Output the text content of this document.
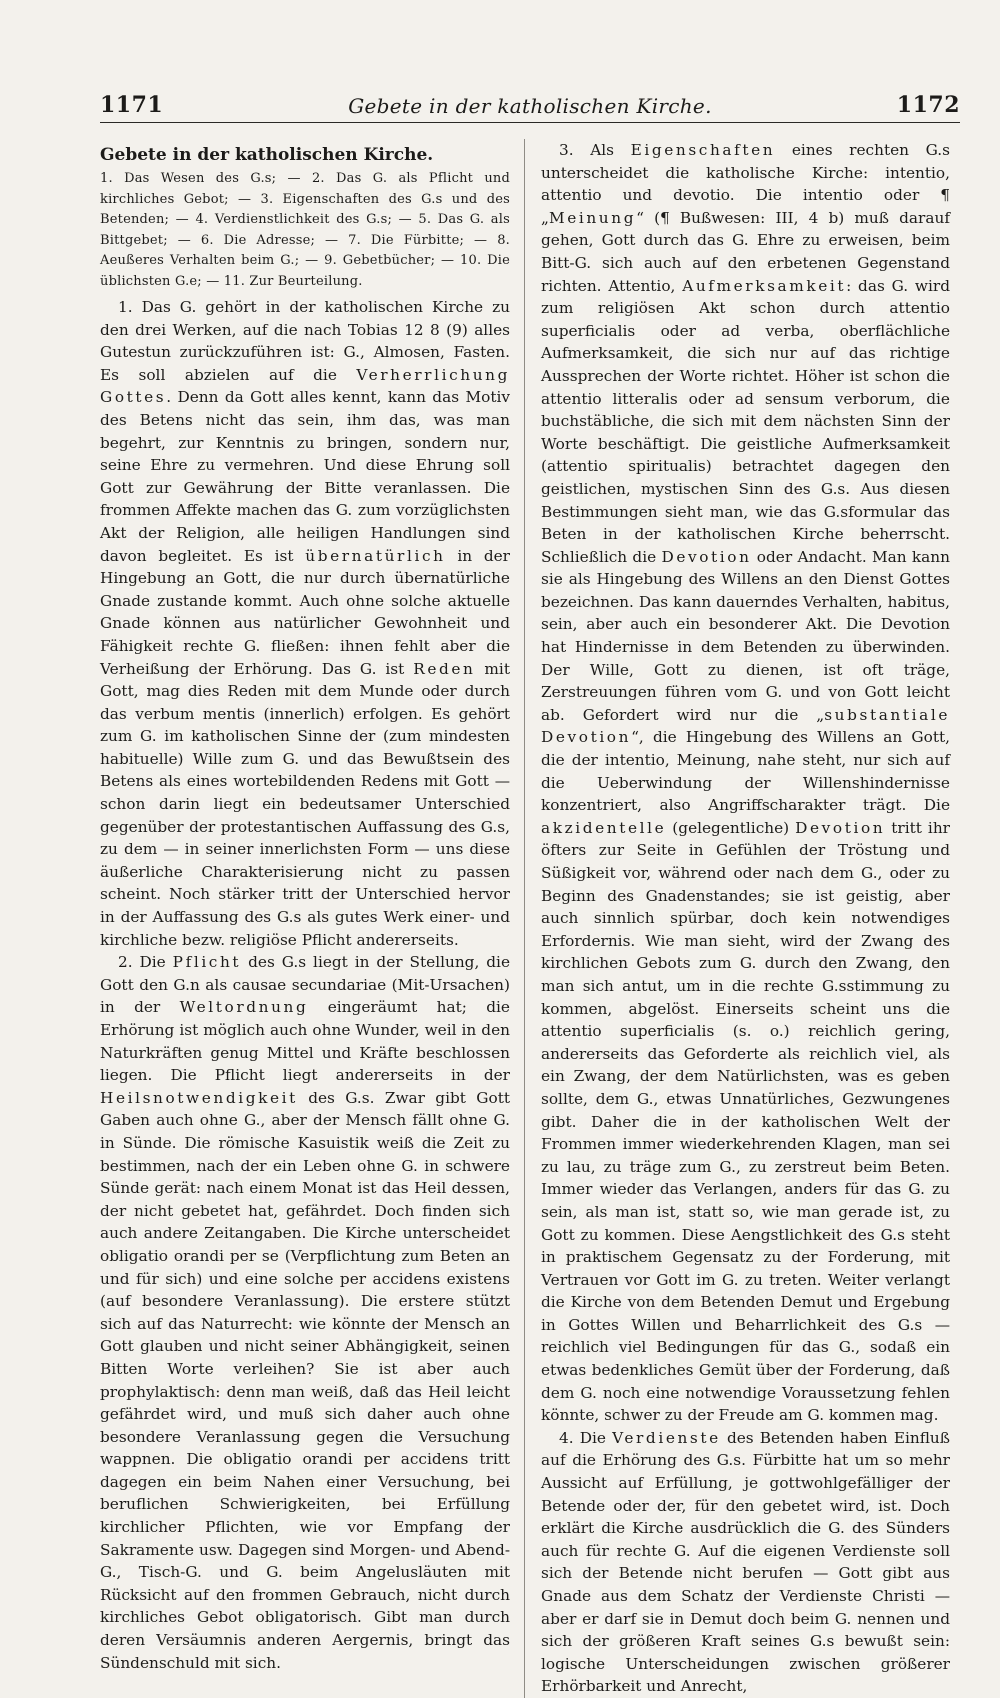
1171	Gebete in der katholischen Kirche.	1172
Gebete in der katholischen Kirche.
1. Das Wesen des G.s; — 2. Das G. als Pflicht und kirchliches Gebot; — 3. Eigenschaften des G.s und des Betenden; — 4. Verdienstlichkeit des G.s; — 5. Das G. als Bittgebet; — 6. Die Adresse; — 7. Die Fürbitte; — 8. Aeußeres Verhalten beim G.; — 9. Gebetbücher; — 10. Die üblichsten G.e; — 11. Zur Beurteilung.

1. Das G. gehört in der katholischen Kirche zu den drei Werken, auf die nach Tobias 12 8 (9) alles Gutestun zurückzuführen ist: G., Almosen, Fasten. Es soll abzielen auf die Verherrlichung Gottes. Denn da Gott alles kennt, kann das Motiv des Betens nicht das sein, ihm das, was man begehrt, zur Kenntnis zu bringen, sondern nur, seine Ehre zu vermehren. Und diese Ehrung soll Gott zur Gewährung der Bitte veranlassen. Die frommen Affekte machen das G. zum vorzüglichsten Akt der Religion, alle heiligen Handlungen sind davon begleitet. Es ist übernatürlich in der Hingebung an Gott, die nur durch übernatürliche Gnade zustande kommt. Auch ohne solche aktuelle Gnade können aus natürlicher Gewohnheit und Fähigkeit rechte G. fließen: ihnen fehlt aber die Verheißung der Erhörung. Das G. ist Reden mit Gott, mag dies Reden mit dem Munde oder durch das verbum mentis (innerlich) erfolgen. Es gehört zum G. im katholischen Sinne der (zum mindesten habituelle) Wille zum G. und das Bewußtsein des Betens als eines wortebildenden Redens mit Gott — schon darin liegt ein bedeutsamer Unterschied gegenüber der protestantischen Auffassung des G.s, zu dem — in seiner innerlichsten Form — uns diese äußerliche Charakterisierung nicht zu passen scheint. Noch stärker tritt der Unterschied hervor in der Auffassung des G.s als gutes Werk einer- und kirchliche bezw. religiöse Pflicht andererseits.

2. Die Pflicht des G.s liegt in der Stellung, die Gott den G.n als causae secundariae (Mit-Ursachen) in der Weltordnung eingeräumt hat; die Erhörung ist möglich auch ohne Wunder, weil in den Naturkräften genug Mittel und Kräfte beschlossen liegen. Die Pflicht liegt andererseits in der Heilsnotwendigkeit des G.s. Zwar gibt Gott Gaben auch ohne G., aber der Mensch fällt ohne G. in Sünde. Die römische Kasuistik weiß die Zeit zu bestimmen, nach der ein Leben ohne G. in schwere Sünde gerät: nach einem Monat ist das Heil dessen, der nicht gebetet hat, gefährdet. Doch finden sich auch andere Zeitangaben. Die Kirche unterscheidet obligatio orandi per se (Verpflichtung zum Beten an und für sich) und eine solche per accidens existens (auf besondere Veranlassung). Die erstere stützt sich auf das Naturrecht: wie könnte der Mensch an Gott glauben und nicht seiner Abhängigkeit, seinen Bitten Worte verleihen? Sie ist aber auch prophylaktisch: denn man weiß, daß das Heil leicht gefährdet wird, und muß sich daher auch ohne besondere Veranlassung gegen die Versuchung wappnen. Die obligatio orandi per accidens tritt dagegen ein beim Nahen einer Versuchung, bei beruflichen Schwierigkeiten, bei Erfüllung kirchlicher Pflichten, wie vor Empfang der Sakramente usw. Dagegen sind Morgen- und Abend-G., Tisch-G. und G. beim Angelusläuten mit Rücksicht auf den frommen Gebrauch, nicht durch kirchliches Gebot obligatorisch. Gibt man durch deren Versäumnis anderen Aergernis, bringt das Sündenschuld mit sich.

3. Als Eigenschaften eines rechten G.s unterscheidet die katholische Kirche: intentio, attentio und devotio. Die intentio oder ¶ „Meinung“ (¶ Bußwesen: III, 4 b) muß darauf gehen, Gott durch das G. Ehre zu erweisen, beim Bitt-G. sich auch auf den erbetenen Gegenstand richten. Attentio, Aufmerksamkeit: das G. wird zum religiösen Akt schon durch attentio superficialis oder ad verba, oberflächliche Aufmerksamkeit, die sich nur auf das richtige Aussprechen der Worte richtet. Höher ist schon die attentio litteralis oder ad sensum verborum, die buchstäbliche, die sich mit dem nächsten Sinn der Worte beschäftigt. Die geistliche Aufmerksamkeit (attentio spiritualis) betrachtet dagegen den geistlichen, mystischen Sinn des G.s. Aus diesen Bestimmungen sieht man, wie das G.sformular das Beten in der katholischen Kirche beherrscht. Schließlich die Devotion oder Andacht. Man kann sie als Hingebung des Willens an den Dienst Gottes bezeichnen. Das kann dauerndes Verhalten, habitus, sein, aber auch ein besonderer Akt. Die Devotion hat Hindernisse in dem Betenden zu überwinden. Der Wille, Gott zu dienen, ist oft träge, Zerstreuungen führen vom G. und von Gott leicht ab. Gefordert wird nur die „substantiale Devotion“, die Hingebung des Willens an Gott, die der intentio, Meinung, nahe steht, nur sich auf die Ueberwindung der Willenshindernisse konzentriert, also Angriffscharakter trägt. Die akzidentelle (gelegentliche) Devotion tritt ihr öfters zur Seite in Gefühlen der Tröstung und Süßigkeit vor, während oder nach dem G., oder zu Beginn des Gnadenstandes; sie ist geistig, aber auch sinnlich spürbar, doch kein notwendiges Erfordernis. Wie man sieht, wird der Zwang des kirchlichen Gebots zum G. durch den Zwang, den man sich antut, um in die rechte G.sstimmung zu kommen, abgelöst. Einerseits scheint uns die attentio superficialis (s. o.) reichlich gering, andererseits das Geforderte als reichlich viel, als ein Zwang, der dem Natürlichsten, was es geben sollte, dem G., etwas Unnatürliches, Gezwungenes gibt. Daher die in der katholischen Welt der Frommen immer wiederkehrenden Klagen, man sei zu lau, zu träge zum G., zu zerstreut beim Beten. Immer wieder das Verlangen, anders für das G. zu sein, als man ist, statt so, wie man gerade ist, zu Gott zu kommen. Diese Aengstlichkeit des G.s steht in praktischem Gegensatz zu der Forderung, mit Vertrauen vor Gott im G. zu treten. Weiter verlangt die Kirche von dem Betenden Demut und Ergebung in Gottes Willen und Beharrlichkeit des G.s — reichlich viel Bedingungen für das G., sodaß ein etwas bedenkliches Gemüt über der Forderung, daß dem G. noch eine notwendige Voraussetzung fehlen könnte, schwer zu der Freude am G. kommen mag.

4. Die Verdienste des Betenden haben Einfluß auf die Erhörung des G.s. Fürbitte hat um so mehr Aussicht auf Erfüllung, je gottwohlgefälliger der Betende oder der, für den gebetet wird, ist. Doch erklärt die Kirche ausdrücklich die G. des Sünders auch für rechte G. Auf die eigenen Verdienste soll sich der Betende nicht berufen — Gott gibt aus Gnade aus dem Schatz der Verdienste Christi — aber er darf sie in Demut doch beim G. nennen und sich der größeren Kraft seines G.s bewußt sein: logische Unterscheidungen zwischen größerer Erhörbarkeit und Anrecht,
